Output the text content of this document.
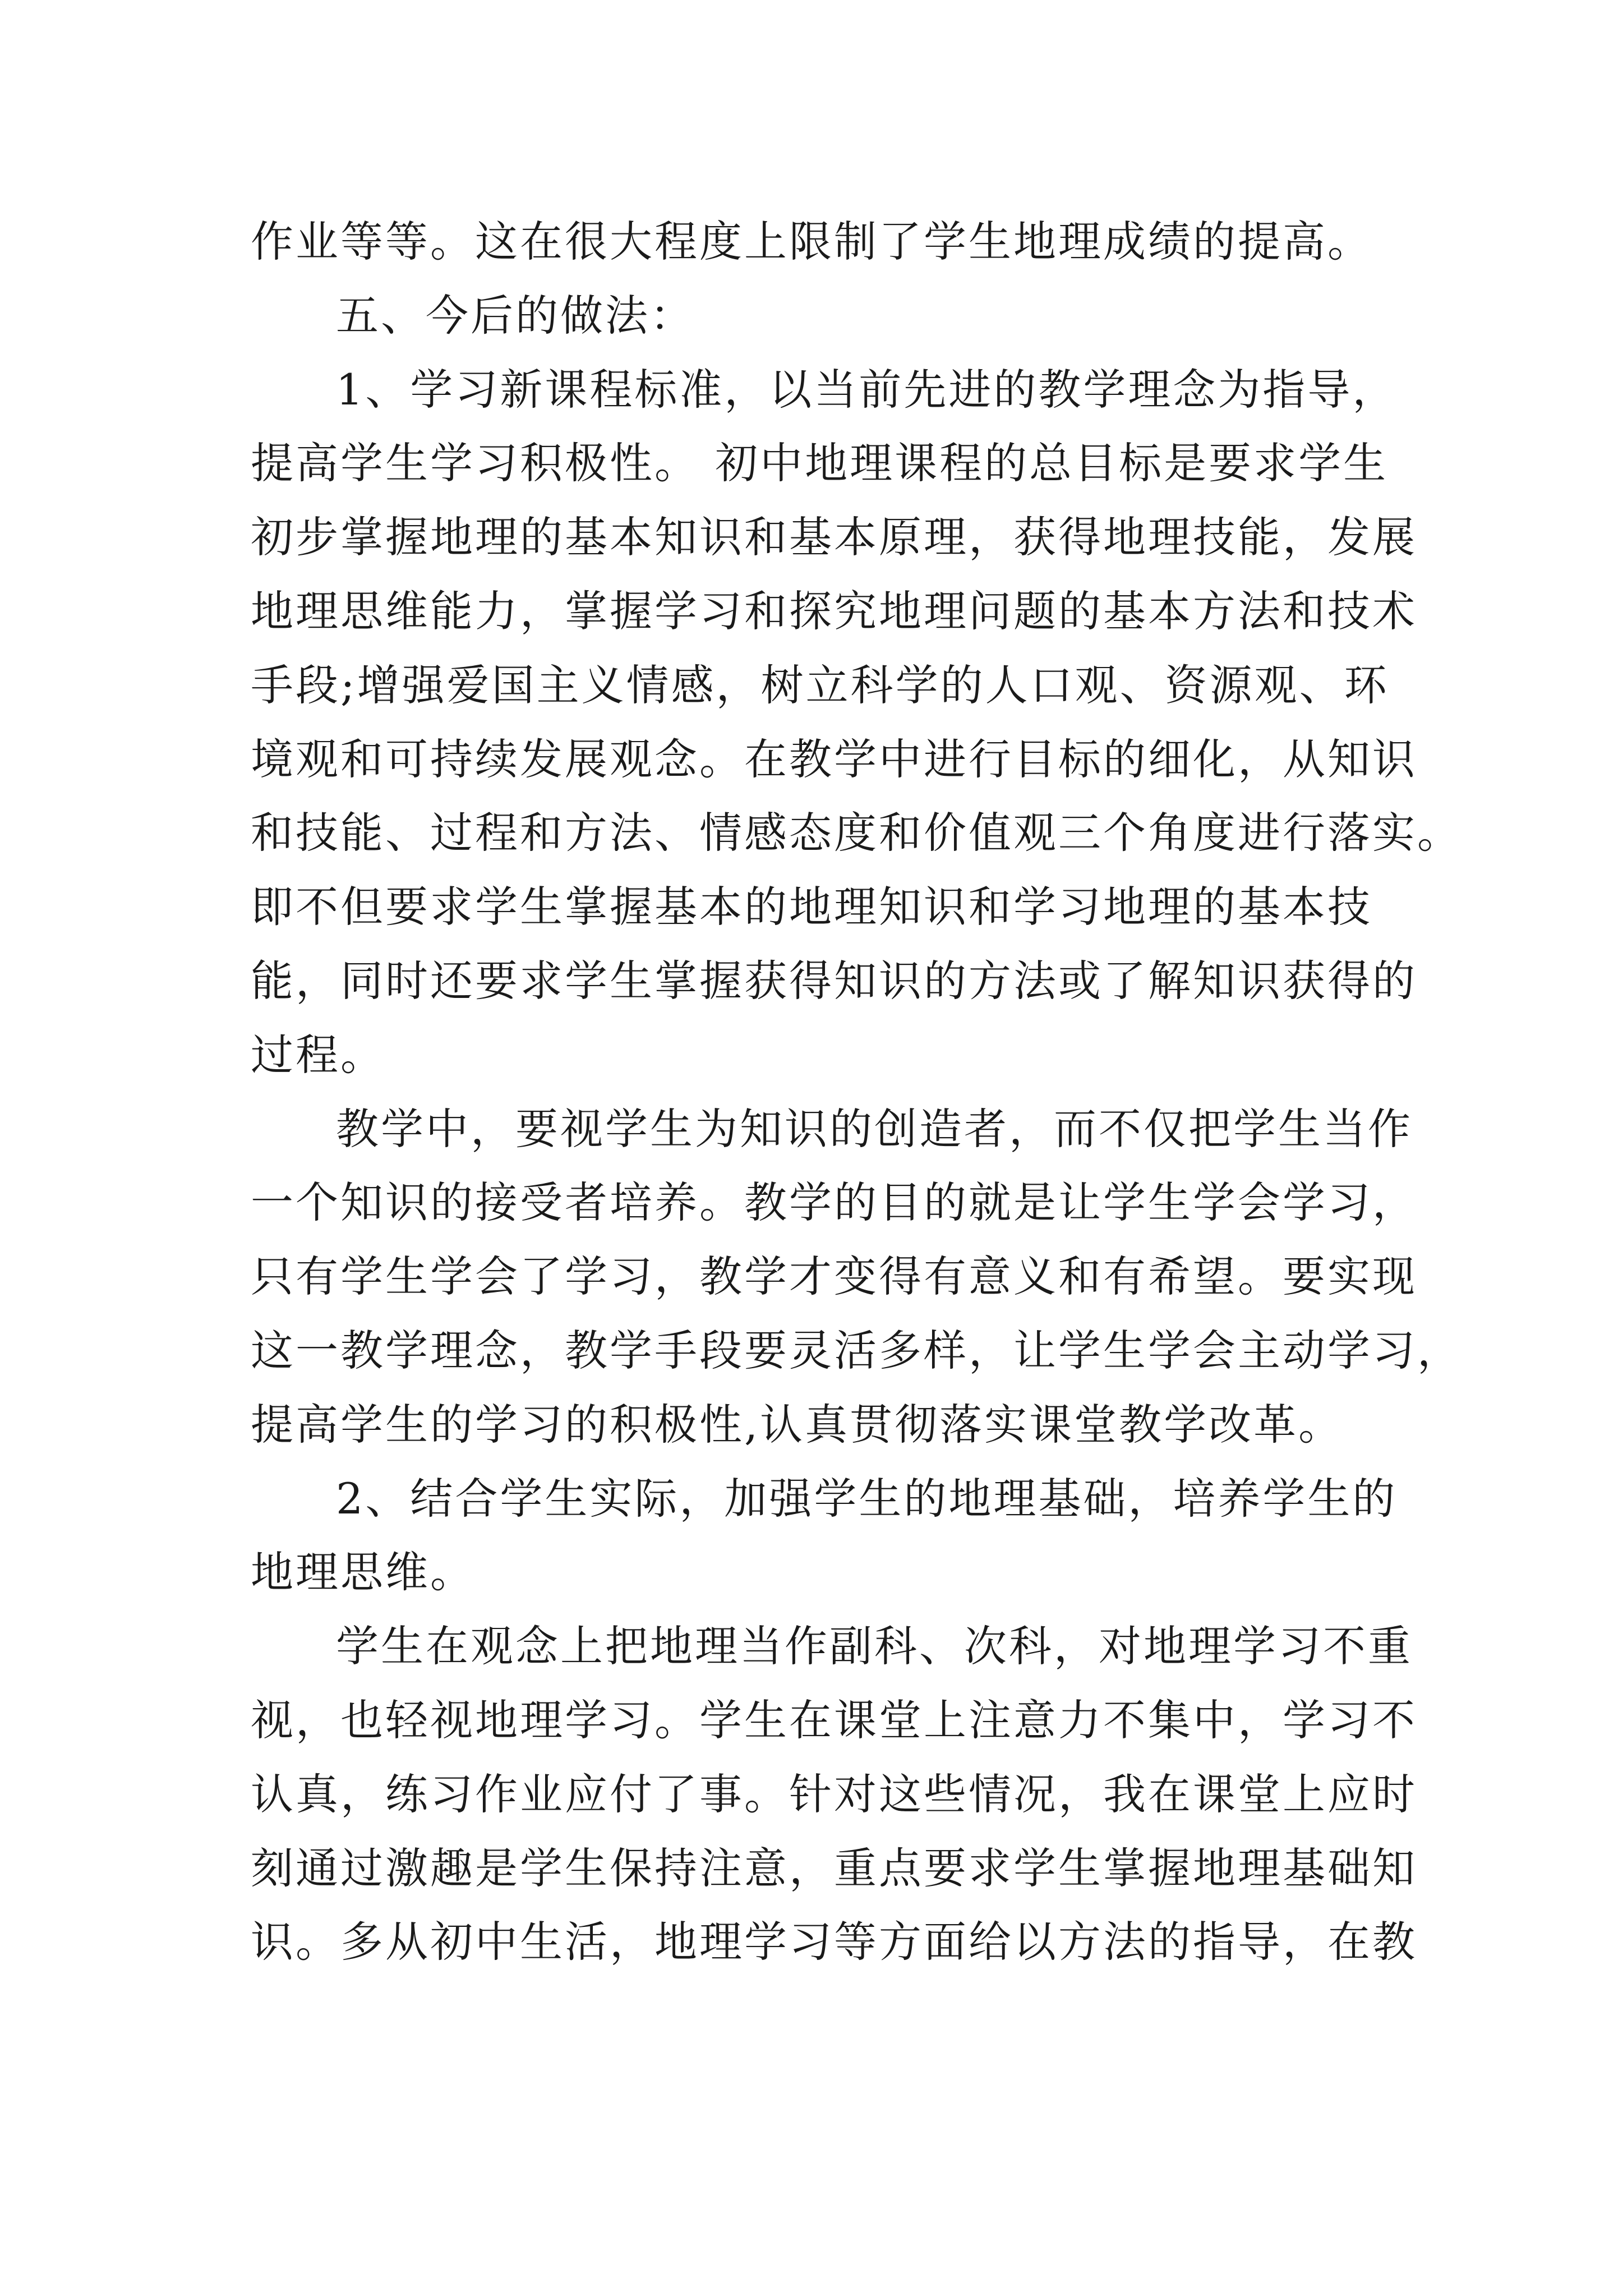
作业等等。这在很大程度上限制了学生地理成绩的提高。
五、今后的做法：
1、学习新课程标准，以当前先进的教学理念为指导，
提高学生学习积极性。 初中地理课程的总目标是要求学生
初步掌握地理的基本知识和基本原理，获得地理技能，发展
地理思维能力，掌握学习和探究地理问题的基本方法和技术
手段;增强爱国主义情感，树立科学的人口观、资源观、环
境观和可持续发展观念。在教学中进行目标的细化，从知识
和技能、过程和方法、情感态度和价值观三个角度进行落实。
即不但要求学生掌握基本的地理知识和学习地理的基本技
能，同时还要求学生掌握获得知识的方法或了解知识获得的
过程。
教学中，要视学生为知识的创造者，而不仅把学生当作
一个知识的接受者培养。教学的目的就是让学生学会学习，
只有学生学会了学习，教学才变得有意义和有希望。要实现
这一教学理念，教学手段要灵活多样，让学生学会主动学习，
提高学生的学习的积极性,认真贯彻落实课堂教学改革。
2、结合学生实际，加强学生的地理基础，培养学生的
地理思维。
学生在观念上把地理当作副科、次科，对地理学习不重
视，也轻视地理学习。学生在课堂上注意力不集中，学习不
认真，练习作业应付了事。针对这些情况，我在课堂上应时
刻通过激趣是学生保持注意，重点要求学生掌握地理基础知
识。多从初中生活，地理学习等方面给以方法的指导，在教
